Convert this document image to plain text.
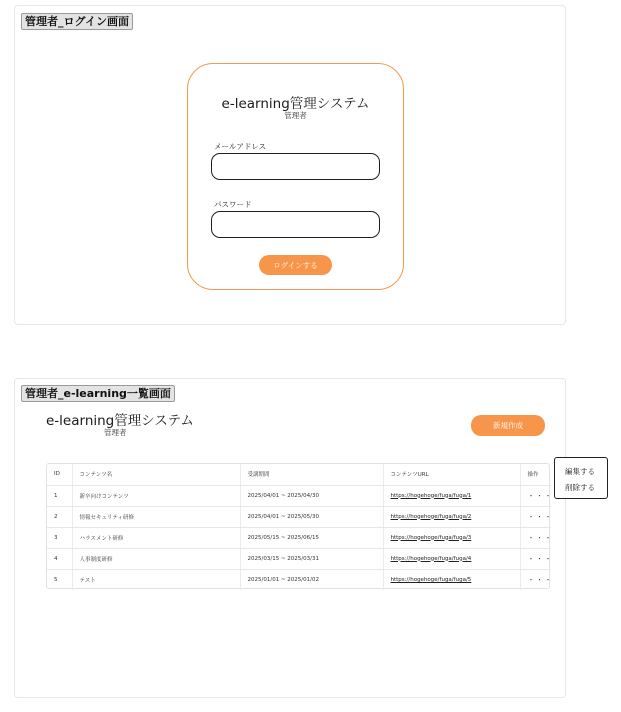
管理者_ログイン画面
e-learning管理システム
管理者
メールアドレス
パスワード
ログインする
管理者_e-learning一覧画面
e-learning管理システム
管理者
新規作成
ID	コンテンツ名	受講期間	コンテンツURL	操作
1	新卒向けコンテンツ	2025/04/01 ~ 2025/04/30	https://hogehoge/fuga/fuga/1	・・・
2	情報セキュリティ研修	2025/04/01 ~ 2025/05/30	https://hogehoge/fuga/fuga/2	・・・
3	ハラスメント研修	2025/05/15 ~ 2025/06/15	https://hogehoge/fuga/fuga/3	・・・
4	人事制度研修	2025/03/15 ~ 2025/03/31	https://hogehoge/fuga/fuga/4	・・・
5	テスト	2025/01/01 ~ 2025/01/02	https://hogehoge/fuga/fuga/5	・・・
編集する
削除する
